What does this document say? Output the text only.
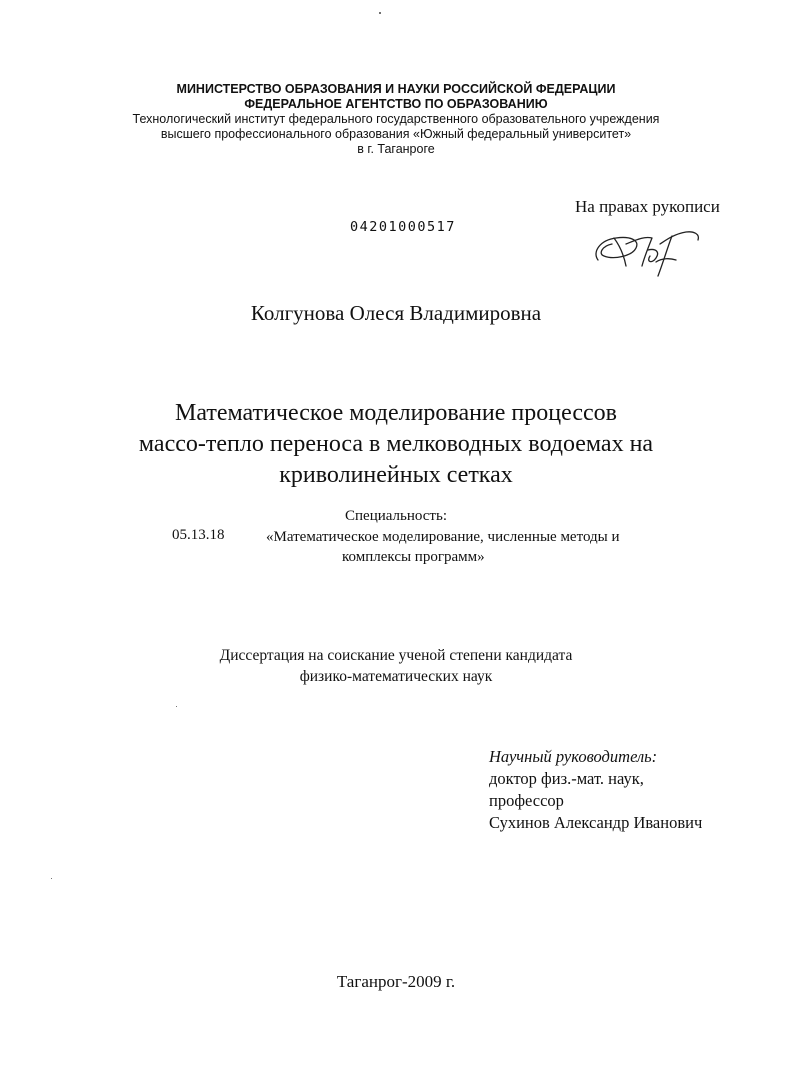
МИНИСТЕРСТВО ОБРАЗОВАНИЯ И НАУКИ РОССИЙСКОЙ ФЕДЕРАЦИИ
ФЕДЕРАЛЬНОЕ АГЕНТСТВО ПО ОБРАЗОВАНИЮ
Технологический институт федерального государственного образовательного учреждения
высшего профессионального образования «Южный федеральный университет»
в г. Таганроге

На правах рукописи

04201000517

Колгунова Олеся Владимировна

Математическое моделирование процессов
массо-тепло переноса в мелководных водоемах на
криволинейных сетках

Специальность:

05.13.18	«Математическое моделирование, численные методы и
комплексы программ»
Диссертация на соискание ученой степени кандидата
физико-математических наук
Научный руководитель:
доктор физ.-мат. наук,
профессор
Сухинов Александр Иванович

Таганрог-2009 г.
